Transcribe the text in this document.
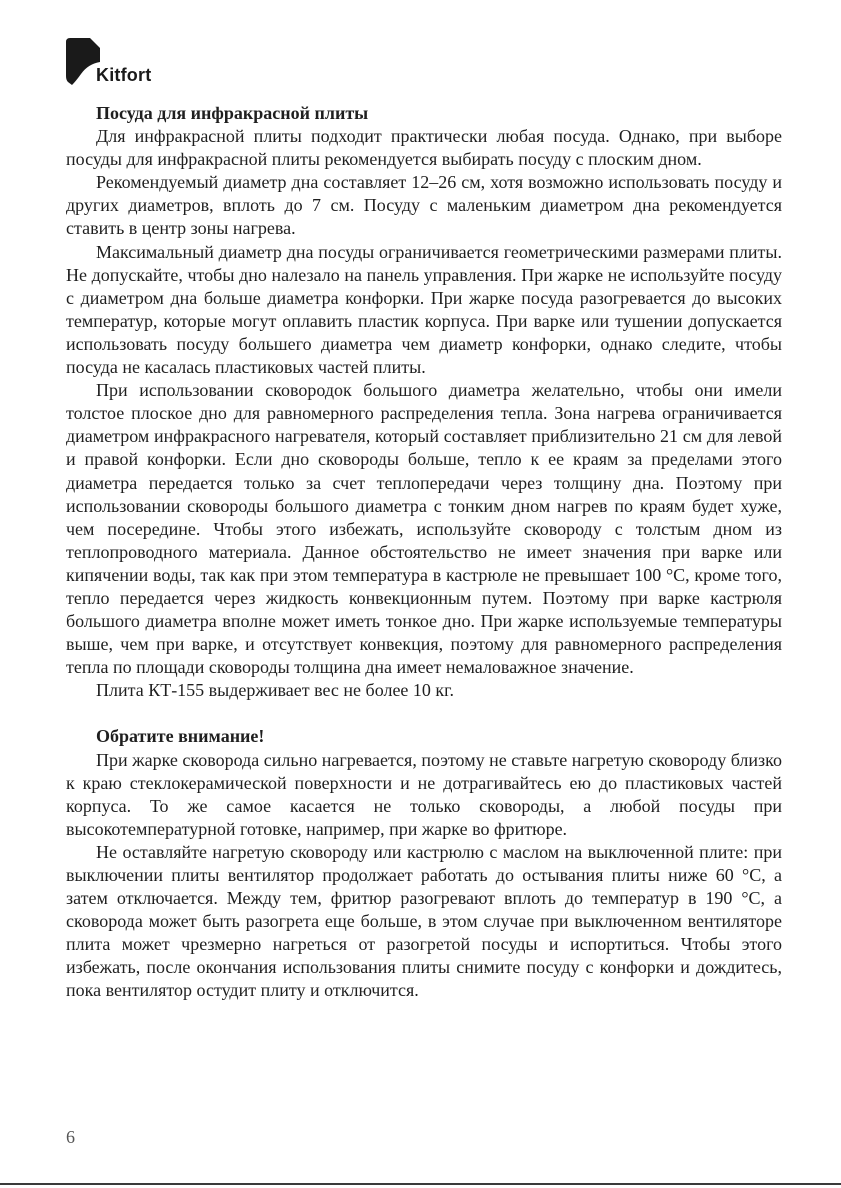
Kitfort
Посуда для инфракрасной плиты

Для инфракрасной плиты подходит практически любая посуда. Однако, при выборе посуды для инфракрасной плиты рекомендуется выбирать посуду с плоским дном.

Рекомендуемый диаметр дна составляет 12–26 см, хотя возможно использовать посуду и других диаметров, вплоть до 7 см. Посуду с маленьким диаметром дна рекомендуется ставить в центр зоны нагрева.

Максимальный диаметр дна посуды ограничивается геометрическими размерами плиты. Не допускайте, чтобы дно налезало на панель управления. При жарке не используйте посуду с диаметром дна больше диаметра конфорки. При жарке посуда разогревается до высоких температур, которые могут оплавить пластик корпуса. При варке или тушении допускается использовать посуду большего диаметра чем диаметр конфорки, однако следите, чтобы посуда не касалась пластиковых частей плиты.

При использовании сковородок большого диаметра желательно, чтобы они имели толстое плоское дно для равномерного распределения тепла. Зона нагрева ограничивается диаметром инфракрасного нагревателя, который составляет приблизительно 21 см для левой и правой конфорки. Если дно сковороды больше, тепло к ее краям за пределами этого диаметра передается только за счет теплопередачи через толщину дна. Поэтому при использовании сковороды большого диаметра с тонким дном нагрев по краям будет хуже, чем посередине. Чтобы этого избежать, используйте сковороду с толстым дном из теплопроводного материала. Данное обстоятельство не имеет значения при варке или кипячении воды, так как при этом температура в кастрюле не превышает 100 °С, кроме того, тепло передается через жидкость конвекционным путем. Поэтому при варке кастрюля большого диаметра вполне может иметь тонкое дно. При жарке используемые температуры выше, чем при варке, и отсутствует конвекция, поэтому для равномерного распределения тепла по площади сковороды толщина дна имеет немаловажное значение.

Плита КТ-155 выдерживает вес не более 10 кг.

Обратите внимание!

При жарке сковорода сильно нагревается, поэтому не ставьте нагретую сковороду близко к краю стеклокерамической поверхности и не дотрагивайтесь ею до пластиковых частей корпуса. То же самое касается не только сковороды, а любой посуды при высокотемпературной готовке, например, при жарке во фритюре.

Не оставляйте нагретую сковороду или кастрюлю с маслом на выключенной плите: при выключении плиты вентилятор продолжает работать до остывания плиты ниже 60 °С, а затем отключается. Между тем, фритюр разогревают вплоть до температур в 190 °С, а сковорода может быть разогрета еще больше, в этом случае при выключенном вентиляторе плита может чрезмерно нагреться от разогретой посуды и испортиться. Чтобы этого избежать, после окончания использования плиты снимите посуду с конфорки и дождитесь, пока вентилятор остудит плиту и отключится.

6
